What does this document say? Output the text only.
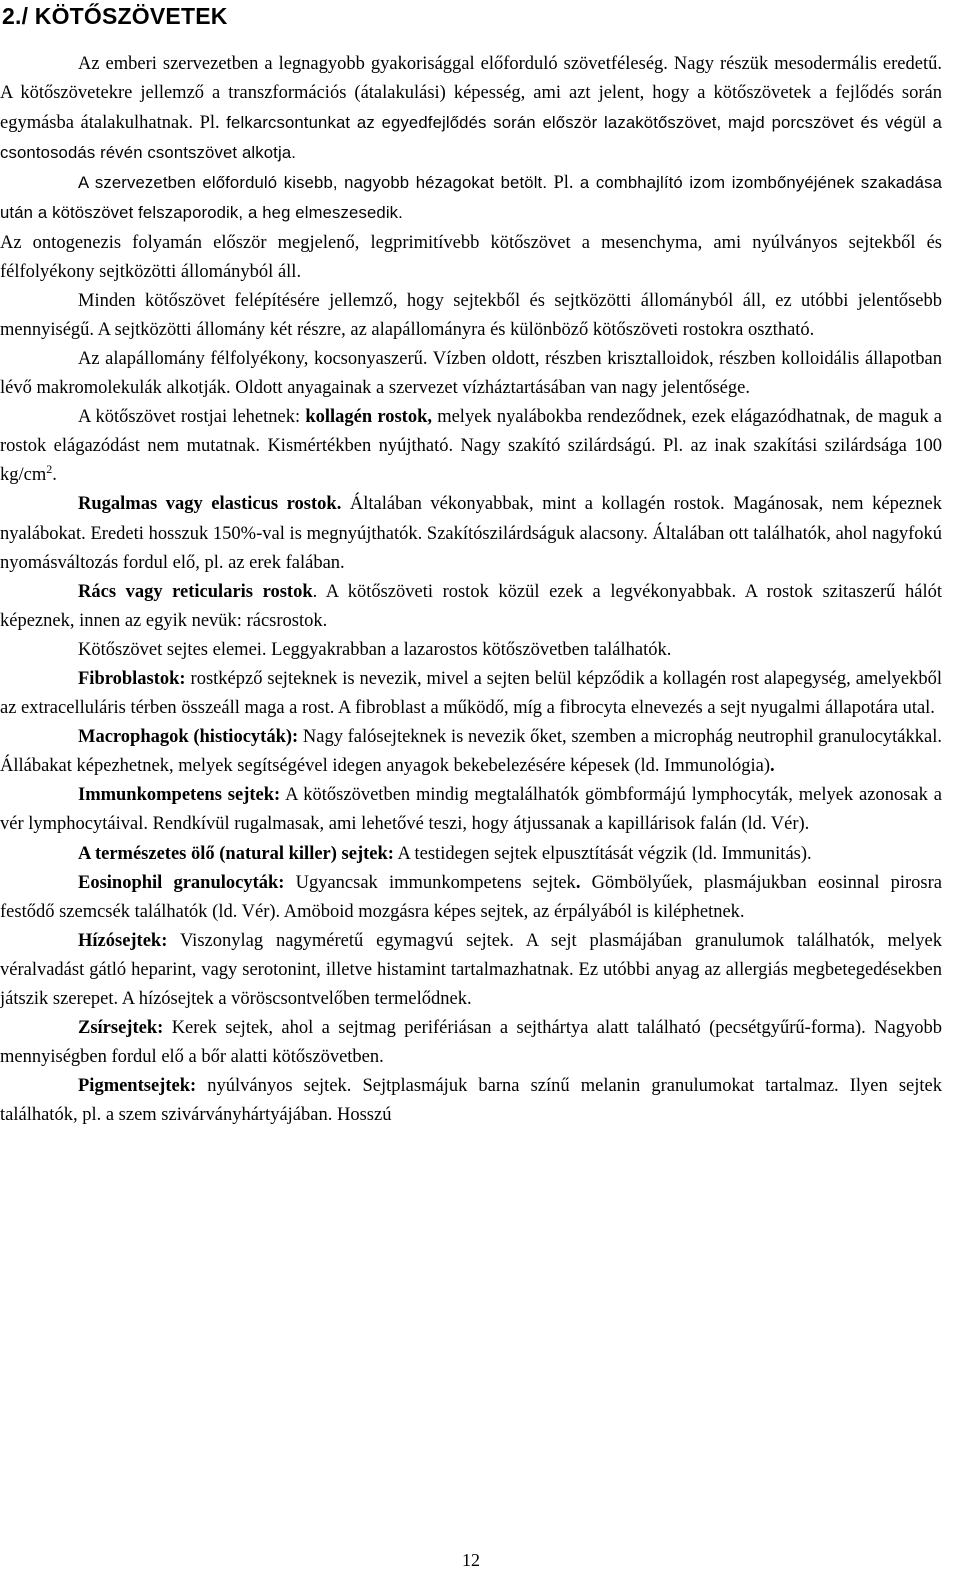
2./ KÖTŐSZÖVETEK

Az emberi szervezetben a legnagyobb gyakorisággal előforduló szövetféleség. Nagy részük mesodermális eredetű. A kötőszövetekre jellemző a transzformációs (átalakulási) képesség, ami azt jelent, hogy a kötőszövetek a fejlődés során egymásba átalakulhatnak. Pl. felkarcsontunkat az egyedfejlődés során először lazakötőszövet, majd porcszövet és végül a csontosodás révén csontszövet alkotja.

A szervezetben előforduló kisebb, nagyobb hézagokat betölt. Pl. a combhajlító izom izombőnyéjének szakadása után a kötöszövet felszaporodik, a heg elmeszesedik.

Az ontogenezis folyamán először megjelenő, legprimitívebb kötőszövet a mesenchyma, ami nyúlványos sejtekből és félfolyékony sejtközötti állományból áll.

Minden kötőszövet felépítésére jellemző, hogy sejtekből és sejtközötti állományból áll, ez utóbbi jelentősebb mennyiségű. A sejtközötti állomány két részre, az alapállományra és különböző kötőszöveti rostokra osztható.

Az alapállomány félfolyékony, kocsonyaszerű. Vízben oldott, részben krisztalloidok, részben kolloidális állapotban lévő makromolekulák alkotják. Oldott anyagainak a szervezet vízháztartásában van nagy jelentősége.

A kötőszövet rostjai lehetnek: kollagén rostok, melyek nyalábokba rendeződnek, ezek elágazódhatnak, de maguk a rostok elágazódást nem mutatnak. Kismértékben nyújtható. Nagy szakító szilárdságú. Pl. az inak szakítási szilárdsága 100 $kg/cm^2$.

Rugalmas vagy elasticus rostok. Általában vékonyabbak, mint a kollagén rostok. Magánosak, nem képeznek nyalábokat. Eredeti hosszuk 150%-val is megnyújthatók. Szakítószilárdságuk alacsony. Általában ott találhatók, ahol nagyfokú nyomásváltozás fordul elő, pl. az erek falában.

Rács vagy reticularis rostok. A kötőszöveti rostok közül ezek a legvékonyabbak. A rostok szitaszerű hálót képeznek, innen az egyik nevük: rácsrostok.

Kötőszövet sejtes elemei. Leggyakrabban a lazarostos kötőszövetben találhatók.

Fibroblastok: rostképző sejteknek is nevezik, mivel a sejten belül képződik a kollagén rost alapegység, amelyekből az extracelluláris térben összeáll maga a rost. A fibroblast a működő, míg a fibrocyta elnevezés a sejt nyugalmi állapotára utal.

Macrophagok (histiocyták): Nagy falósejteknek is nevezik őket, szemben a microphág neutrophil granulocytákkal. Állábakat képezhetnek, melyek segítségével idegen anyagok bekebelezésére képesek (ld. Immunológia).

Immunkompetens sejtek: A kötőszövetben mindig megtalálhatók gömbformájú lymphocyták, melyek azonosak a vér lymphocytáival. Rendkívül rugalmasak, ami lehetővé teszi, hogy átjussanak a kapillárisok falán (ld. Vér).

A természetes ölő (natural killer) sejtek: A testidegen sejtek elpusztítását végzik (ld. Immunitás).

Eosinophil granulocyták: Ugyancsak immunkompetens sejtek. Gömbölyűek, plasmájukban eosinnal pirosra festődő szemcsék találhatók (ld. Vér). Amöboid mozgásra képes sejtek, az érpályából is kiléphetnek.

Hízósejtek: Viszonylag nagyméretű egymagvú sejtek. A sejt plasmájában granulumok találhatók, melyek véralvadást gátló heparint, vagy serotonint, illetve histamint tartalmazhatnak. Ez utóbbi anyag az allergiás megbetegedésekben játszik szerepet. A hízósejtek a vöröscsontvelőben termelődnek.

Zsírsejtek: Kerek sejtek, ahol a sejtmag perifériásan a sejthártya alatt található (pecsétgyűrű-forma). Nagyobb mennyiségben fordul elő a bőr alatti kötőszövetben.

Pigmentsejtek: nyúlványos sejtek. Sejtplasmájuk barna színű melanin granulumokat tartalmaz. Ilyen sejtek találhatók, pl. a szem szivárványhártyájában. Hosszú

12
